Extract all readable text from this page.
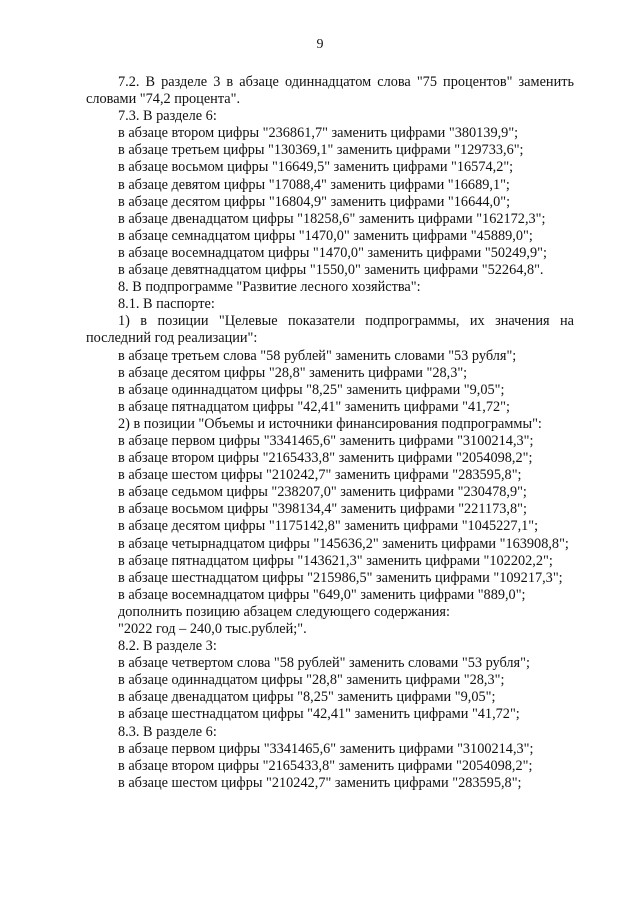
9

7.2. В разделе 3 в абзаце одиннадцатом слова "75 процентов" заменить словами "74,2 процента".

7.3. В разделе 6:

в абзаце втором цифры "236861,7" заменить цифрами "380139,9";

в абзаце третьем цифры "130369,1" заменить цифрами "129733,6";

в абзаце восьмом цифры "16649,5" заменить цифрами "16574,2";

в абзаце девятом цифры "17088,4" заменить цифрами "16689,1";

в абзаце десятом цифры "16804,9" заменить цифрами "16644,0";

в абзаце двенадцатом цифры "18258,6" заменить цифрами "162172,3";

в абзаце семнадцатом цифры "1470,0" заменить цифрами "45889,0";

в абзаце восемнадцатом цифры "1470,0" заменить цифрами "50249,9";

в абзаце девятнадцатом цифры "1550,0" заменить цифрами "52264,8".

8. В подпрограмме "Развитие лесного хозяйства":

8.1. В паспорте:

1) в позиции "Целевые показатели подпрограммы, их значения на последний год реализации":

в абзаце третьем слова "58 рублей" заменить словами "53 рубля";

в абзаце десятом цифры "28,8" заменить цифрами "28,3";

в абзаце одиннадцатом цифры "8,25" заменить цифрами "9,05";

в абзаце пятнадцатом цифры "42,41" заменить цифрами "41,72";

2) в позиции "Объемы и источники финансирования подпрограммы":

в абзаце первом цифры "3341465,6" заменить цифрами "3100214,3";

в абзаце втором цифры "2165433,8" заменить цифрами "2054098,2";

в абзаце шестом цифры "210242,7" заменить цифрами "283595,8";

в абзаце седьмом цифры "238207,0" заменить цифрами "230478,9";

в абзаце восьмом цифры "398134,4" заменить цифрами "221173,8";

в абзаце десятом цифры "1175142,8" заменить цифрами "1045227,1";

в абзаце четырнадцатом цифры "145636,2" заменить цифрами "163908,8";

в абзаце пятнадцатом цифры "143621,3" заменить цифрами "102202,2";

в абзаце шестнадцатом цифры "215986,5" заменить цифрами "109217,3";

в абзаце восемнадцатом цифры "649,0" заменить цифрами "889,0";

дополнить позицию абзацем следующего содержания:

"2022 год – 240,0 тыс.рублей;".

8.2. В разделе 3:

в абзаце четвертом слова "58 рублей" заменить словами "53 рубля";

в абзаце одиннадцатом цифры "28,8" заменить цифрами "28,3";

в абзаце двенадцатом цифры "8,25" заменить цифрами "9,05";

в абзаце шестнадцатом цифры "42,41" заменить цифрами "41,72";

8.3. В разделе 6:

в абзаце первом цифры "3341465,6" заменить цифрами "3100214,3";

в абзаце втором цифры "2165433,8" заменить цифрами "2054098,2";

в абзаце шестом цифры "210242,7" заменить цифрами "283595,8";
